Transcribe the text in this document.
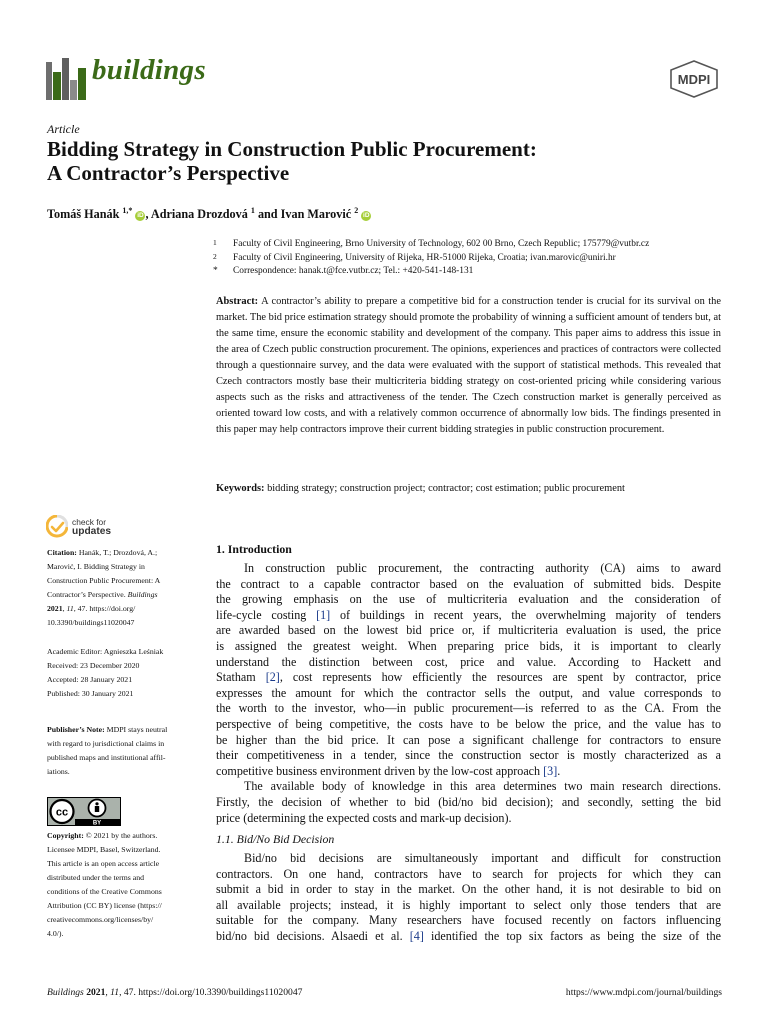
buildings	MDPI
Article
Bidding Strategy in Construction Public Procurement:
A Contractor’s Perspective
Tomáš Hanák $^{1,*}$ iD , Adriana Drozdová $^1$ and Ivan Marović $^2$ iD
1 Faculty of Civil Engineering, Brno University of Technology, 602 00 Brno, Czech Republic; 175779@vutbr.cz
2 Faculty of Civil Engineering, University of Rijeka, HR-51000 Rijeka, Croatia; ivan.marovic@uniri.hr
* Correspondence: hanak.t@fce.vutbr.cz; Tel.: +420-541-148-131
Abstract: A contractor’s ability to prepare a competitive bid for a construction tender is crucial for its survival on the market. The bid price estimation strategy should promote the probability of winning a sufficient amount of tenders but, at the same time, ensure the economic stability and development of the company. This paper aims to address this issue in the area of Czech public construction procurement. The opinions, experiences and practices of contractors were collected through a questionnaire survey, and the data were evaluated with the support of statistical methods. This revealed that Czech contractors mostly base their multicriteria bidding strategy on cost-oriented pricing while considering various aspects such as the risks and attractiveness of the tender. The Czech construction market is generally perceived as oriented toward low costs, and with a relatively common occurrence of abnormally low bids. The findings presented in this paper may help contractors improve their current bidding strategies in public construction procurement.
Keywords: bidding strategy; construction project; contractor; cost estimation; public procurement
check for
updates
Citation: Hanák, T.; Drozdová, A.;
Marović, I. Bidding Strategy in
Construction Public Procurement: A
Contractor’s Perspective. Buildings
2021, 11, 47. https://doi.org/
10.3390/buildings11020047
Academic Editor: Agnieszka Leśniak
Received: 23 December 2020
Accepted: 28 January 2021
Published: 30 January 2021
Publisher’s Note: MDPI stays neutral
with regard to jurisdictional claims in
published maps and institutional affil-
iations.
cc
BY
Copyright: © 2021 by the authors.
Licensee MDPI, Basel, Switzerland.
This article is an open access article
distributed under the terms and
conditions of the Creative Commons
Attribution (CC BY) license (https://
creativecommons.org/licenses/by/
4.0/).
1. Introduction
In construction public procurement, the contracting authority (CA) aims to award
the contract to a capable contractor based on the evaluation of submitted bids. Despite
the growing emphasis on the use of multicriteria evaluation and the consideration of
life-cycle costing [1] of buildings in recent years, the overwhelming majority of tenders
are awarded based on the lowest bid price or, if multicriteria evaluation is used, the price
is assigned the greatest weight. When preparing price bids, it is important to clearly
understand the distinction between cost, price and value. According to Hackett and
Statham [2], cost represents how efficiently the resources are spent by contractor, price
expresses the amount for which the contractor sells the output, and value corresponds to
the worth to the investor, who—in public procurement—is referred to as the CA. From the
perspective of being competitive, the costs have to be below the price, and the value has to
be higher than the bid price. It can pose a significant challenge for contractors to ensure
their competitiveness in a tender, since the construction sector is mostly characterized as a
competitive business environment driven by the low-cost approach [3].
The available body of knowledge in this area determines two main research directions.
Firstly, the decision of whether to bid (bid/no bid decision); and secondly, setting the bid
price (determining the expected costs and mark-up decision).
1.1. Bid/No Bid Decision
Bid/no bid decisions are simultaneously important and difficult for construction
contractors. On one hand, contractors have to search for projects for which they can
submit a bid in order to stay in the market. On the other hand, it is not desirable to bid on
all available projects; instead, it is highly important to select only those tenders that are
suitable for the company. Many researchers have focused recently on factors influencing
bid/no bid decisions. Alsaedi et al. [4] identified the top six factors as being the size of the
Buildings 2021, 11, 47. https://doi.org/10.3390/buildings11020047	https://www.mdpi.com/journal/buildings
